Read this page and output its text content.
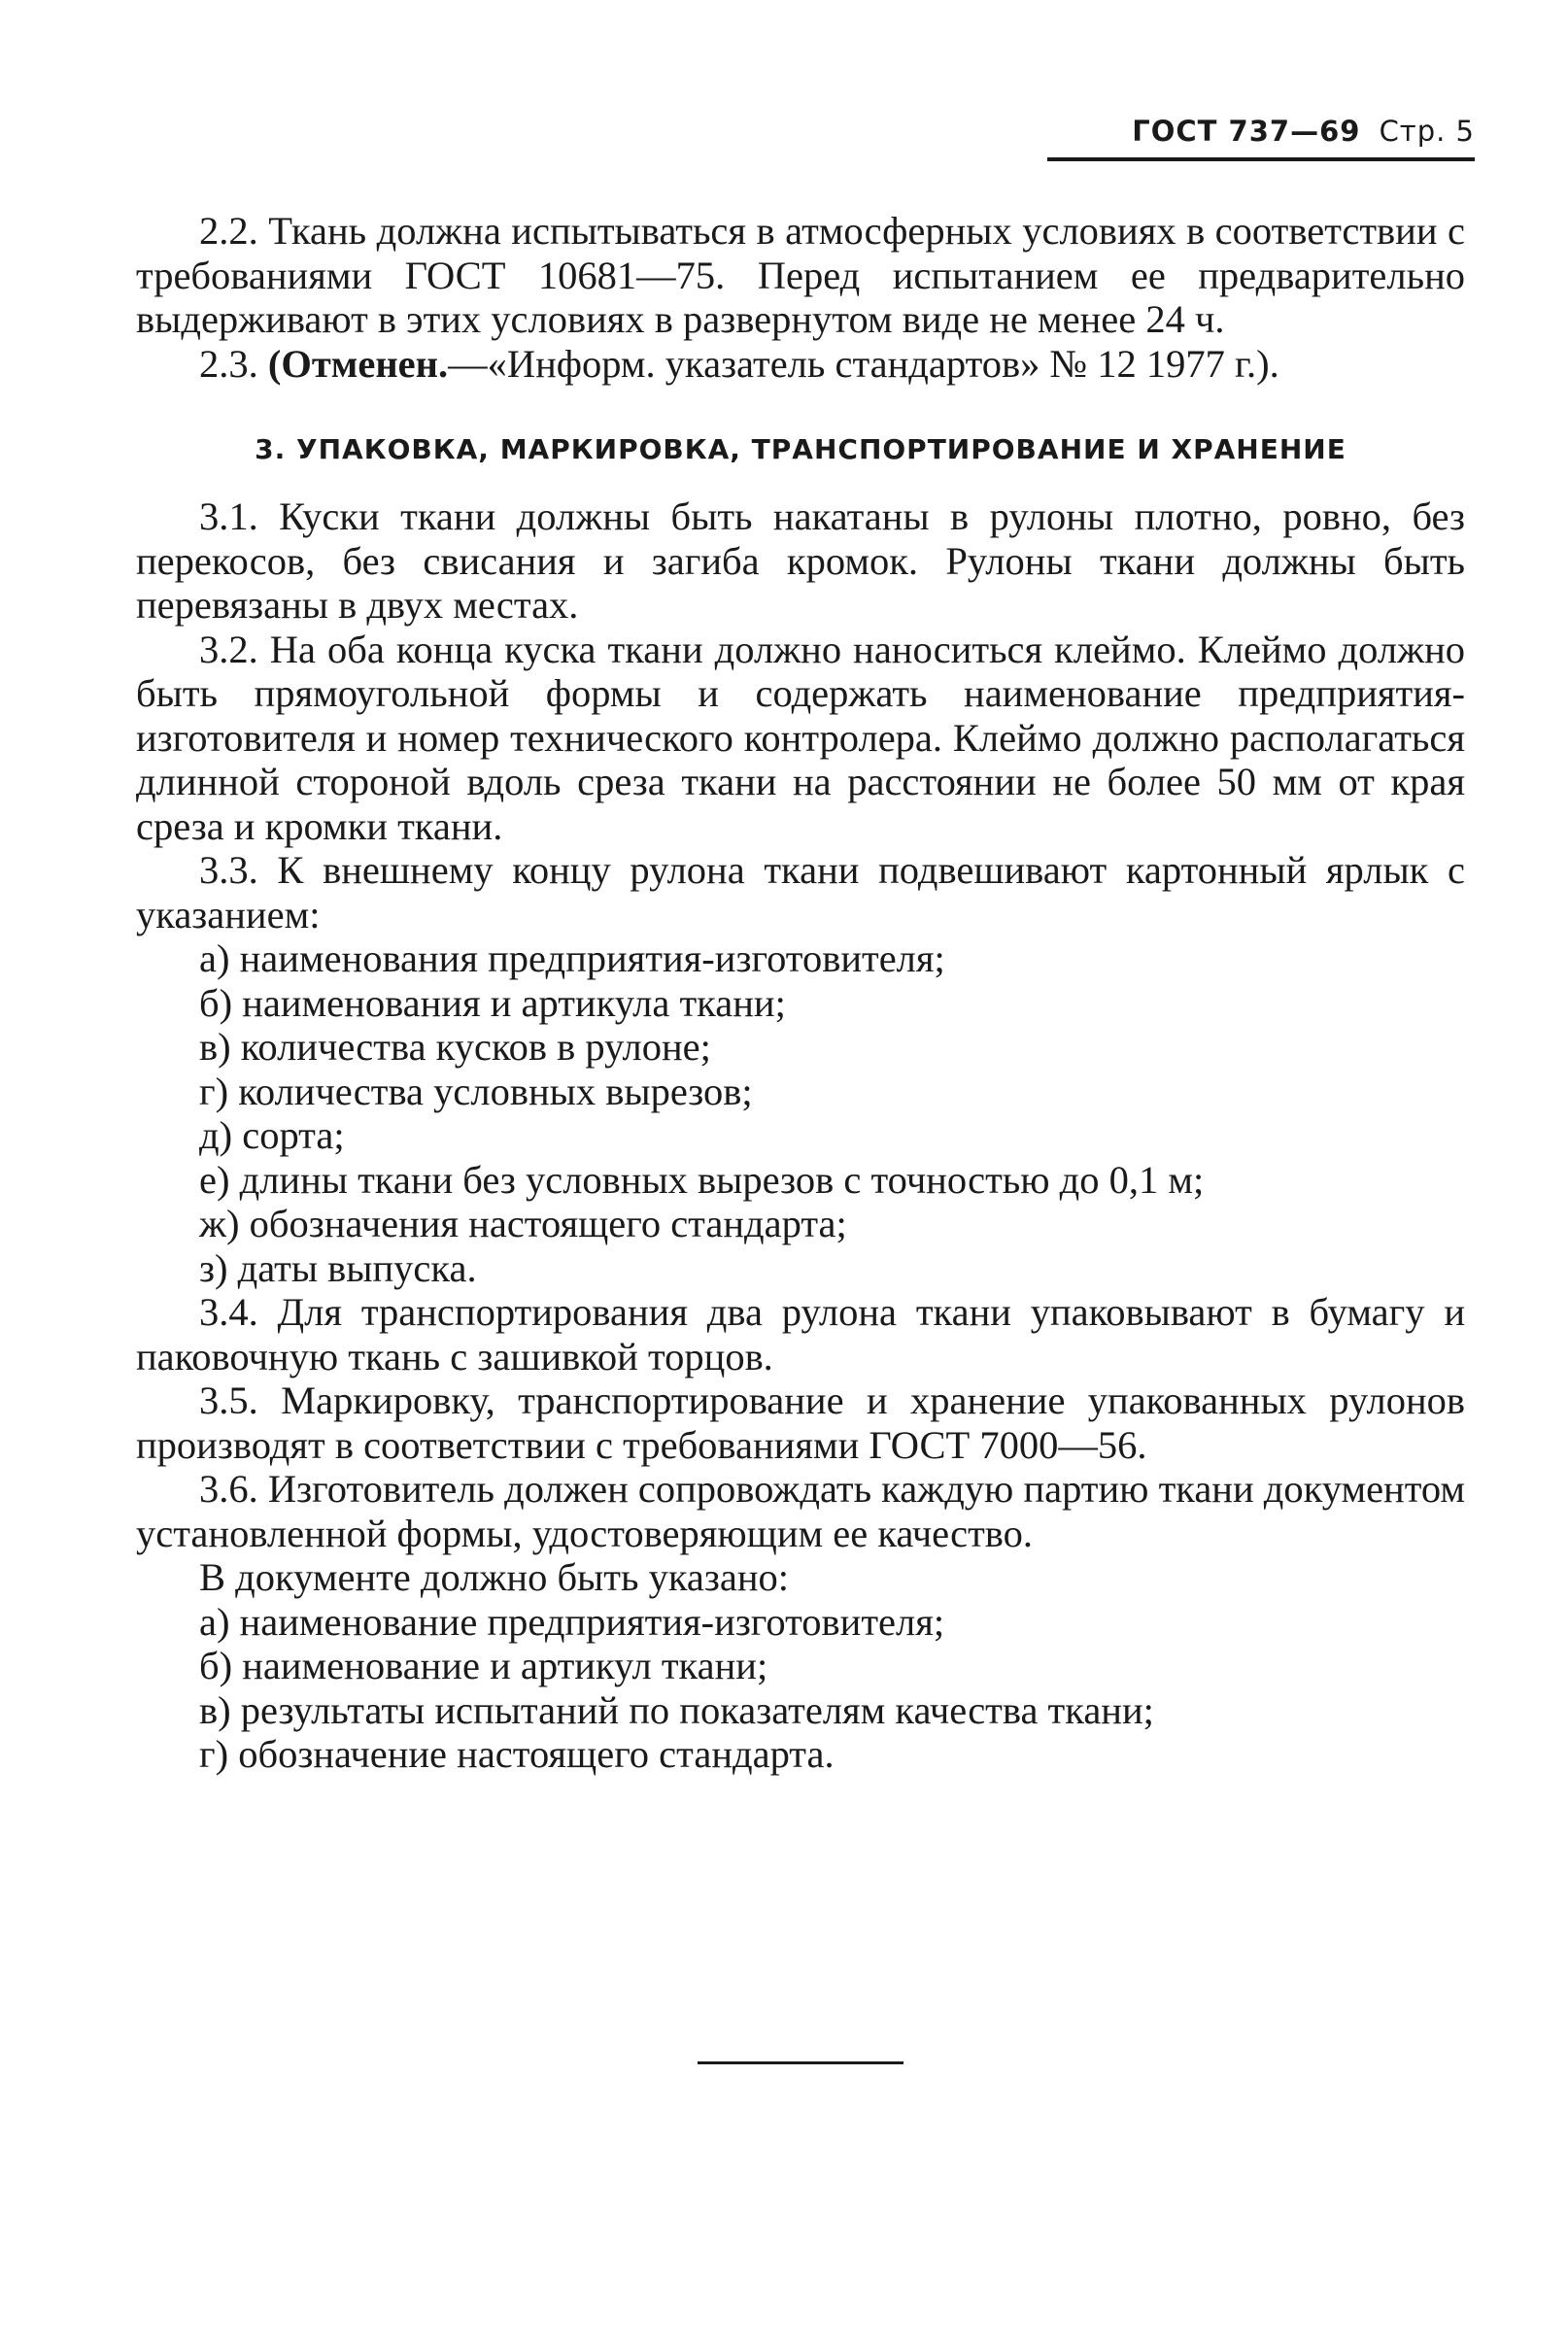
ГОСТ 737—69 Стр. 5

2.2. Ткань должна испытываться в атмосферных условиях в соответствии с требованиями ГОСТ 10681—75. Перед испытанием ее предварительно выдерживают в этих условиях в развернутом виде не менее 24 ч.

2.3. (Отменен.—«Информ. указатель стандартов» № 12 1977 г.).

3. УПАКОВКА, МАРКИРОВКА, ТРАНСПОРТИРОВАНИЕ И ХРАНЕНИЕ

3.1. Куски ткани должны быть накатаны в рулоны плотно, ровно, без перекосов, без свисания и загиба кромок. Рулоны ткани должны быть перевязаны в двух местах.

3.2. На оба конца куска ткани должно наноситься клеймо. Клеймо должно быть прямоугольной формы и содержать наименование предприятия-изготовителя и номер технического контролера. Клеймо должно располагаться длинной стороной вдоль среза ткани на расстоянии не более 50 мм от края среза и кромки ткани.

3.3. К внешнему концу рулона ткани подвешивают картонный ярлык с указанием:

а) наименования предприятия-изготовителя;

б) наименования и артикула ткани;

в) количества кусков в рулоне;

г) количества условных вырезов;

д) сорта;

е) длины ткани без условных вырезов с точностью до 0,1 м;

ж) обозначения настоящего стандарта;

з) даты выпуска.

3.4. Для транспортирования два рулона ткани упаковывают в бумагу и паковочную ткань с зашивкой торцов.

3.5. Маркировку, транспортирование и хранение упакованных рулонов производят в соответствии с требованиями ГОСТ 7000—56.

3.6. Изготовитель должен сопровождать каждую партию ткани документом установленной формы, удостоверяющим ее качество.

В документе должно быть указано:

а) наименование предприятия-изготовителя;

б) наименование и артикул ткани;

в) результаты испытаний по показателям качества ткани;

г) обозначение настоящего стандарта.
